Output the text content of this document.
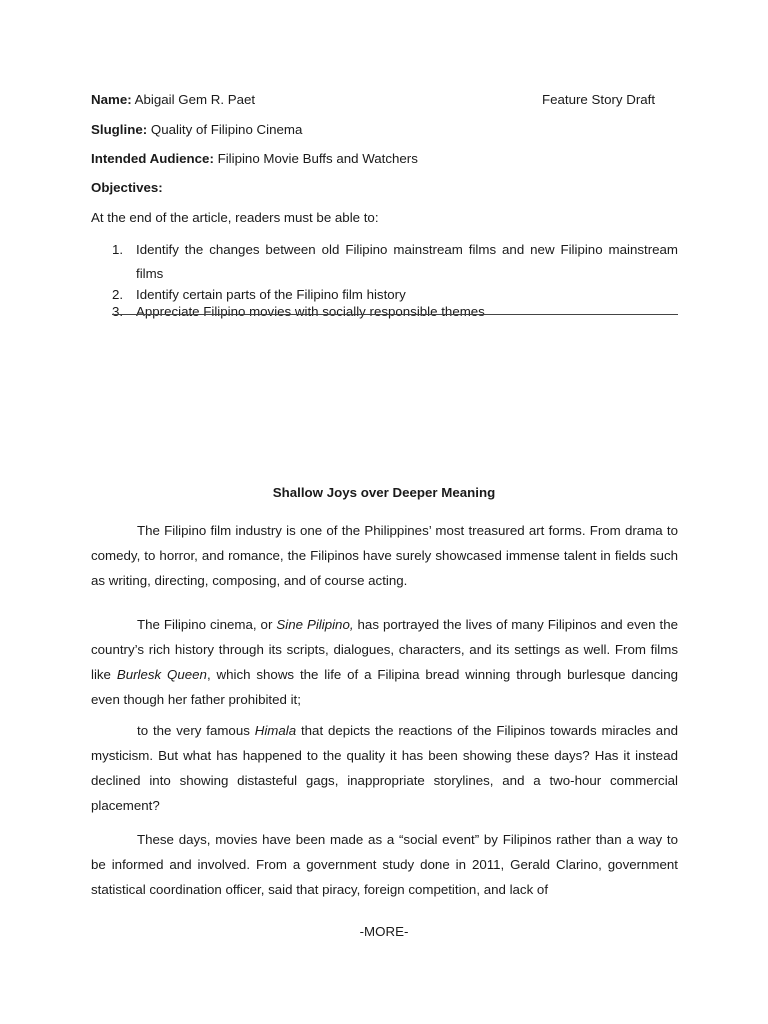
Name: Abigail Gem R. Paet	Feature Story Draft
Slugline: Quality of Filipino Cinema
Intended Audience: Filipino Movie Buffs and Watchers
Objectives:
At the end of the article, readers must be able to:
1. Identify the changes between old Filipino mainstream films and new Filipino mainstream
films
2. Identify certain parts of the Filipino film history
3. Appreciate Filipino movies with socially responsible themes
Shallow Joys over Deeper Meaning
The Filipino film industry is one of the Philippines’ most treasured art forms. From drama to comedy, to horror, and romance, the Filipinos have surely showcased immense talent in fields such as writing, directing, composing, and of course acting.
The Filipino cinema, or Sine Pilipino, has portrayed the lives of many Filipinos and even the country’s rich history through its scripts, dialogues, characters, and its settings as well. From films like Burlesk Queen, which shows the life of a Filipina bread winning through burlesque dancing even though her father prohibited it;
to the very famous Himala that depicts the reactions of the Filipinos towards miracles and mysticism. But what has happened to the quality it has been showing these days? Has it instead declined into showing distasteful gags, inappropriate storylines, and a two-hour commercial placement?
These days, movies have been made as a “social event” by Filipinos rather than a way to be informed and involved. From a government study done in 2011, Gerald Clarino, government statistical coordination officer, said that piracy, foreign competition, and lack of
-MORE-
